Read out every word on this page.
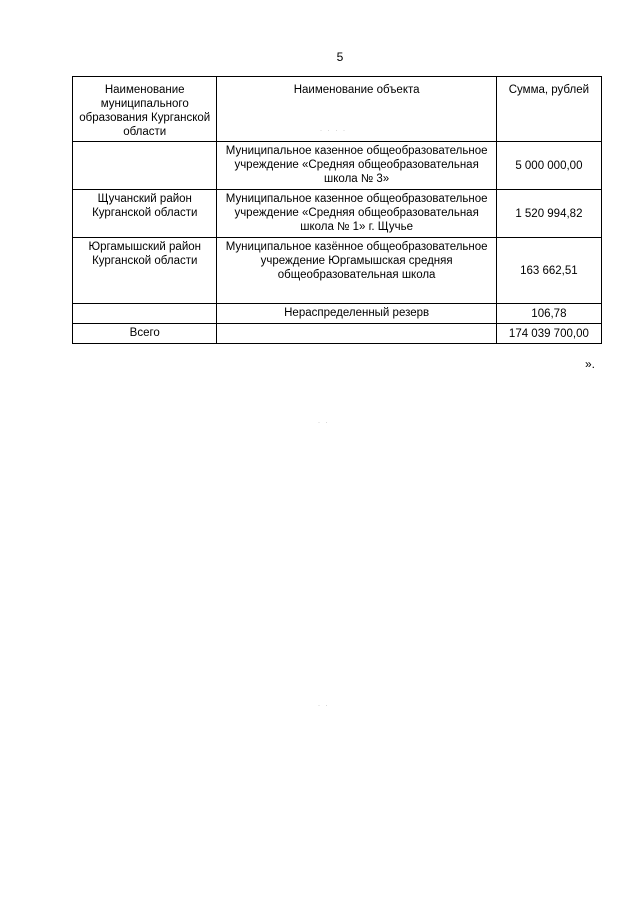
5
Наименование муниципального образования Курганской области	Наименование объекта	Сумма, рублей
	Муниципальное казенное общеобразовательное учреждение «Средняя общеобразовательная школа № 3»	5 000 000,00
Щучанский район Курганской области	Муниципальное казенное общеобразовательное учреждение «Средняя общеобразовательная школа № 1» г. Щучье	1 520 994,82
Юргамышский район Курганской области	Муниципальное казённое общеобразовательное учреждение Юргамышская средняя общеобразовательная школа	163 662,51
	Нераспределенный резерв	106,78
Всего		174 039 700,00
».
· · · ·
· ·
· ·
